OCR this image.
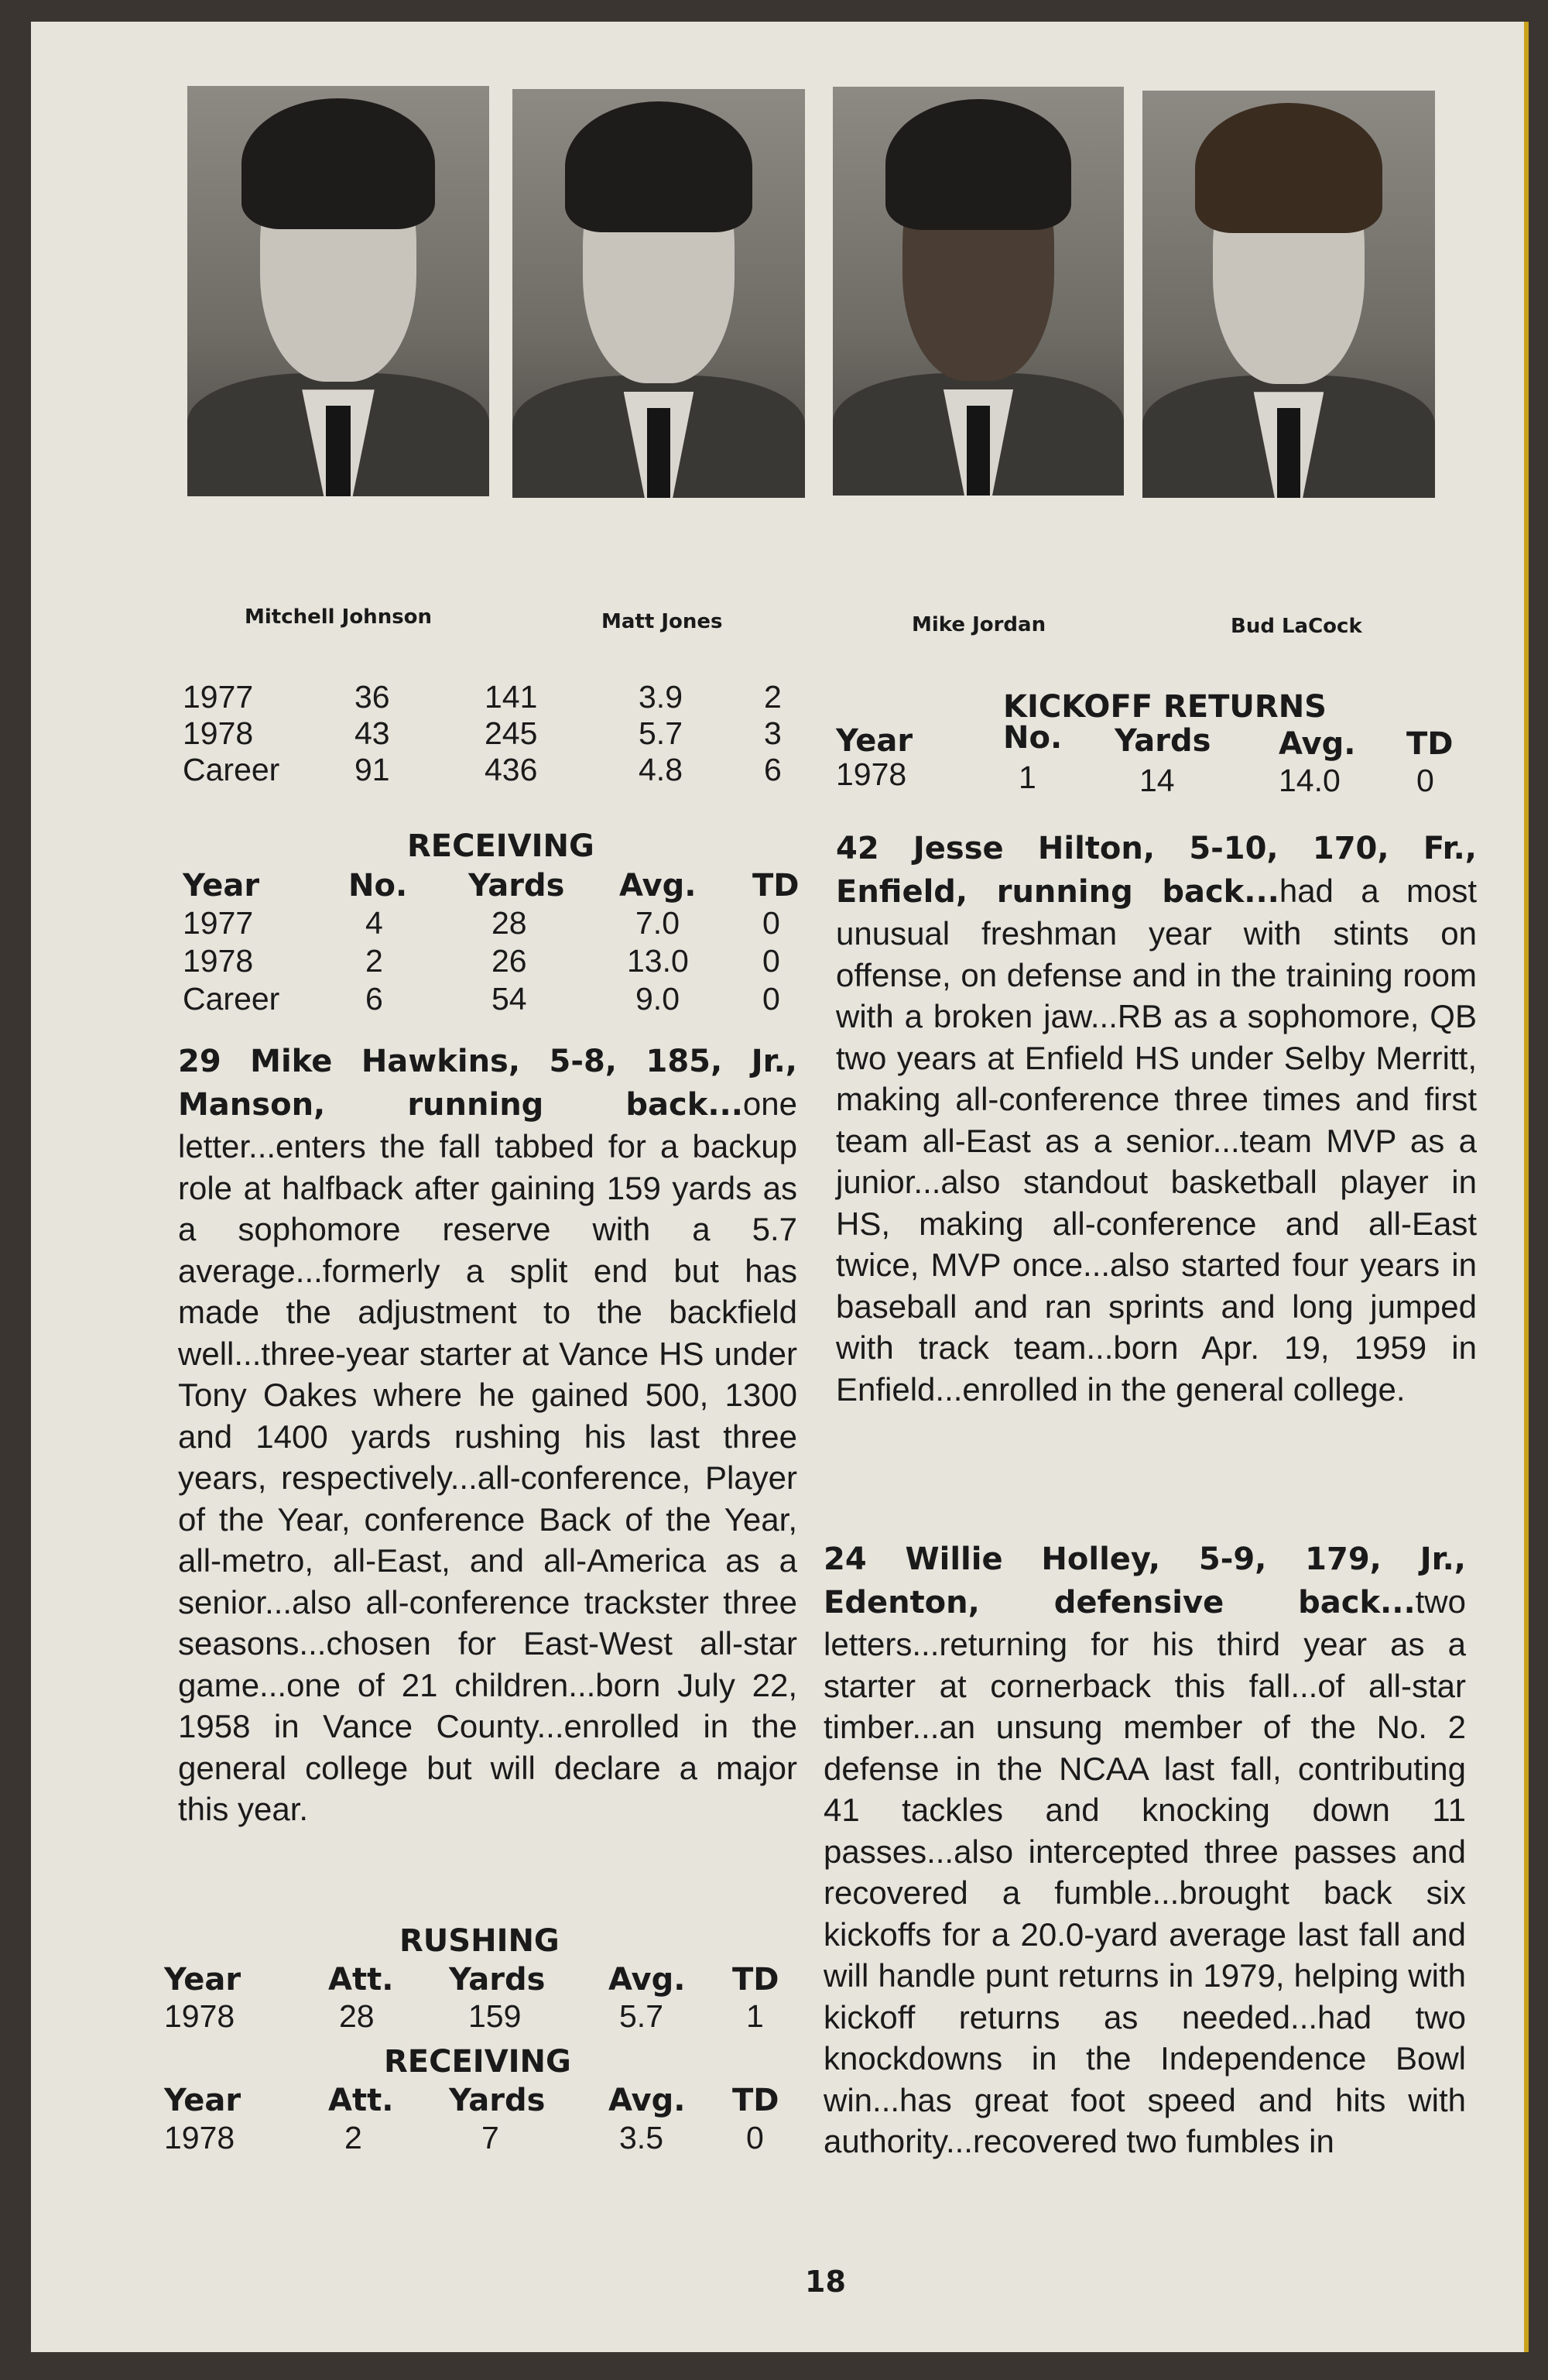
Mitchell Johnson	Matt Jones	Mike Jordan	Bud LaCock
1977	36	141	3.9	2
1978	43	245	5.7	3
Career 91	436	4.8	6
RECEIVING
Year	No. Yards Avg. TD
1977	4	28	7.0	0
1978	2	26	13.0 0
Career	6	54	9.0	0
29 Mike Hawkins, 5-8, 185, Jr., Manson, running back...one letter...enters the fall tabbed for a backup role at halfback after gaining 159 yards as a sophomore reserve with a 5.7 average...formerly a split end but has made the adjustment to the backfield well...three-year starter at Vance HS under Tony Oakes where he gained 500, 1300 and 1400 yards rushing his last three years, respectively...all-conference, Player of the Year, conference Back of the Year, all-metro, all-East, and all-America as a senior...also all-conference trackster three seasons...chosen for East-West all-star game...one of 21 children...born July 22, 1958 in Vance County...enrolled in the general college but will declare a major this year.
RUSHING
Year	Att. Yards Avg. TD
1978	28	159	5.7	1
RECEIVING
Year	Att. Yards Avg. TD
1978	2	7	3.5	0
KICKOFF RETURNS
Year	No. Yards Avg. TD
1978	1	14	14.0 0
42 Jesse Hilton, 5-10, 170, Fr., Enfield, running back...had a most unusual freshman year with stints on offense, on defense and in the training room with a broken jaw...RB as a sophomore, QB two years at Enfield HS under Selby Merritt, making all-conference three times and first team all-East as a senior...team MVP as a junior...also standout basketball player in HS, making all-conference and all-East twice, MVP once...also started four years in baseball and ran sprints and long jumped with track team...born Apr. 19, 1959 in Enfield...enrolled in the general college.
24 Willie Holley, 5-9, 179, Jr., Edenton, defensive back...two letters...returning for his third year as a starter at cornerback this fall...of all-star timber...an unsung member of the No. 2 defense in the NCAA last fall, contributing 41 tackles and knocking down 11 passes...also intercepted three passes and recovered a fumble...brought back six kickoffs for a 20.0-yard average last fall and will handle punt returns in 1979, helping with kickoff returns as needed...had two knockdowns in the Independence Bowl win...has great foot speed and hits with authority...recovered two fumbles in
18
